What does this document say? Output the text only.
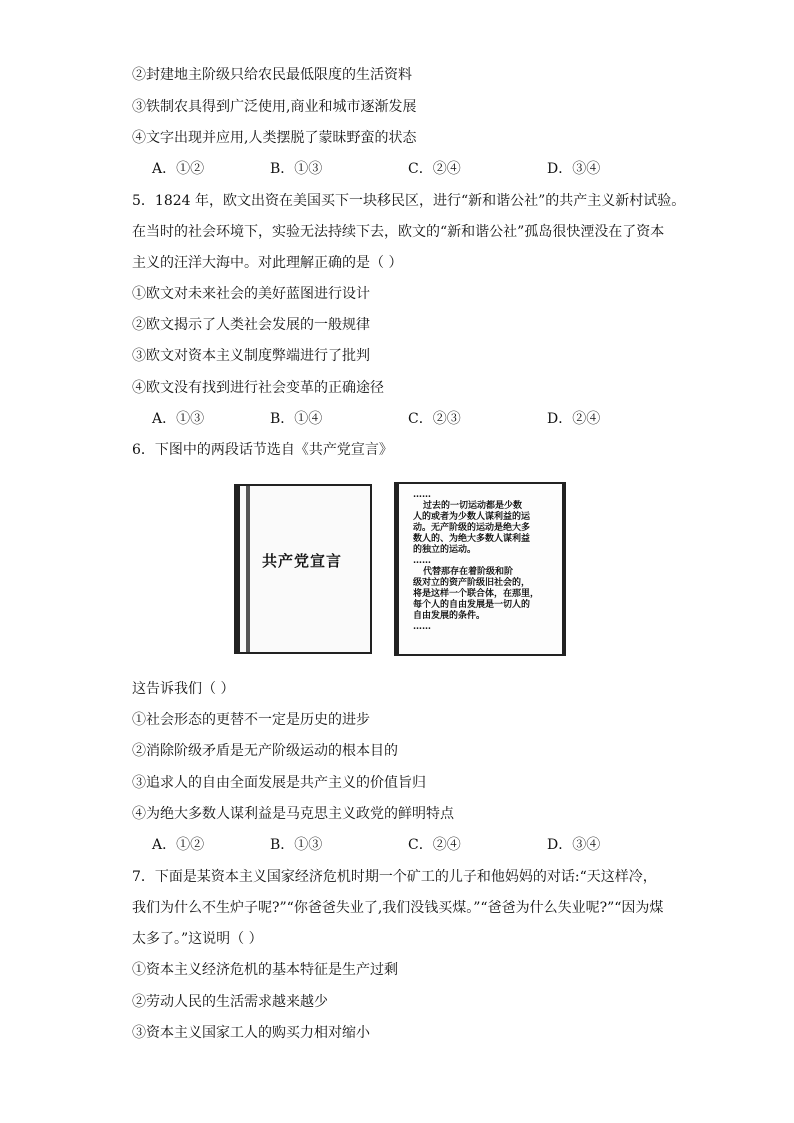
②封建地主阶级只给农民最低限度的生活资料
③铁制农具得到广泛使用,商业和城市逐渐发展
④文字出现并应用,人类摆脱了蒙昧野蛮的状态
A．①②	B．①③	C．②④	D．③④
5．1824 年，欧文出资在美国买下一块移民区，进行“新和谐公社”的共产主义新村试验。
在当时的社会环境下，实验无法持续下去，欧文的“新和谐公社”孤岛很快湮没在了资本
主义的汪洋大海中。对此理解正确的是（ ）
①欧文对未来社会的美好蓝图进行设计
②欧文揭示了人类社会发展的一般规律
③欧文对资本主义制度弊端进行了批判
④欧文没有找到进行社会变革的正确途径
A．①③	B．①④	C．②③	D．②④
6．下图中的两段话节选自《共产党宣言》
共产党宣言

……

过去的一切运动都是少数

人的或者为少数人谋利益的运

动。无产阶级的运动是绝大多

数人的、为绝大多数人谋利益

的独立的运动。

……

代替那存在着阶级和阶

级对立的资产阶级旧社会的，

将是这样一个联合体，在那里，

每个人的自由发展是一切人的

自由发展的条件。

……

这告诉我们（ ）
①社会形态的更替不一定是历史的进步
②消除阶级矛盾是无产阶级运动的根本目的
③追求人的自由全面发展是共产主义的价值旨归
④为绝大多数人谋利益是马克思主义政党的鲜明特点
A．①②	B．①③	C．②④	D．③④
7．下面是某资本主义国家经济危机时期一个矿工的儿子和他妈妈的对话:“天这样冷，
我们为什么不生炉子呢?”“你爸爸失业了,我们没钱买煤。”“爸爸为什么失业呢?”“因为煤
太多了。”这说明（ ）
①资本主义经济危机的基本特征是生产过剩
②劳动人民的生活需求越来越少
③资本主义国家工人的购买力相对缩小
